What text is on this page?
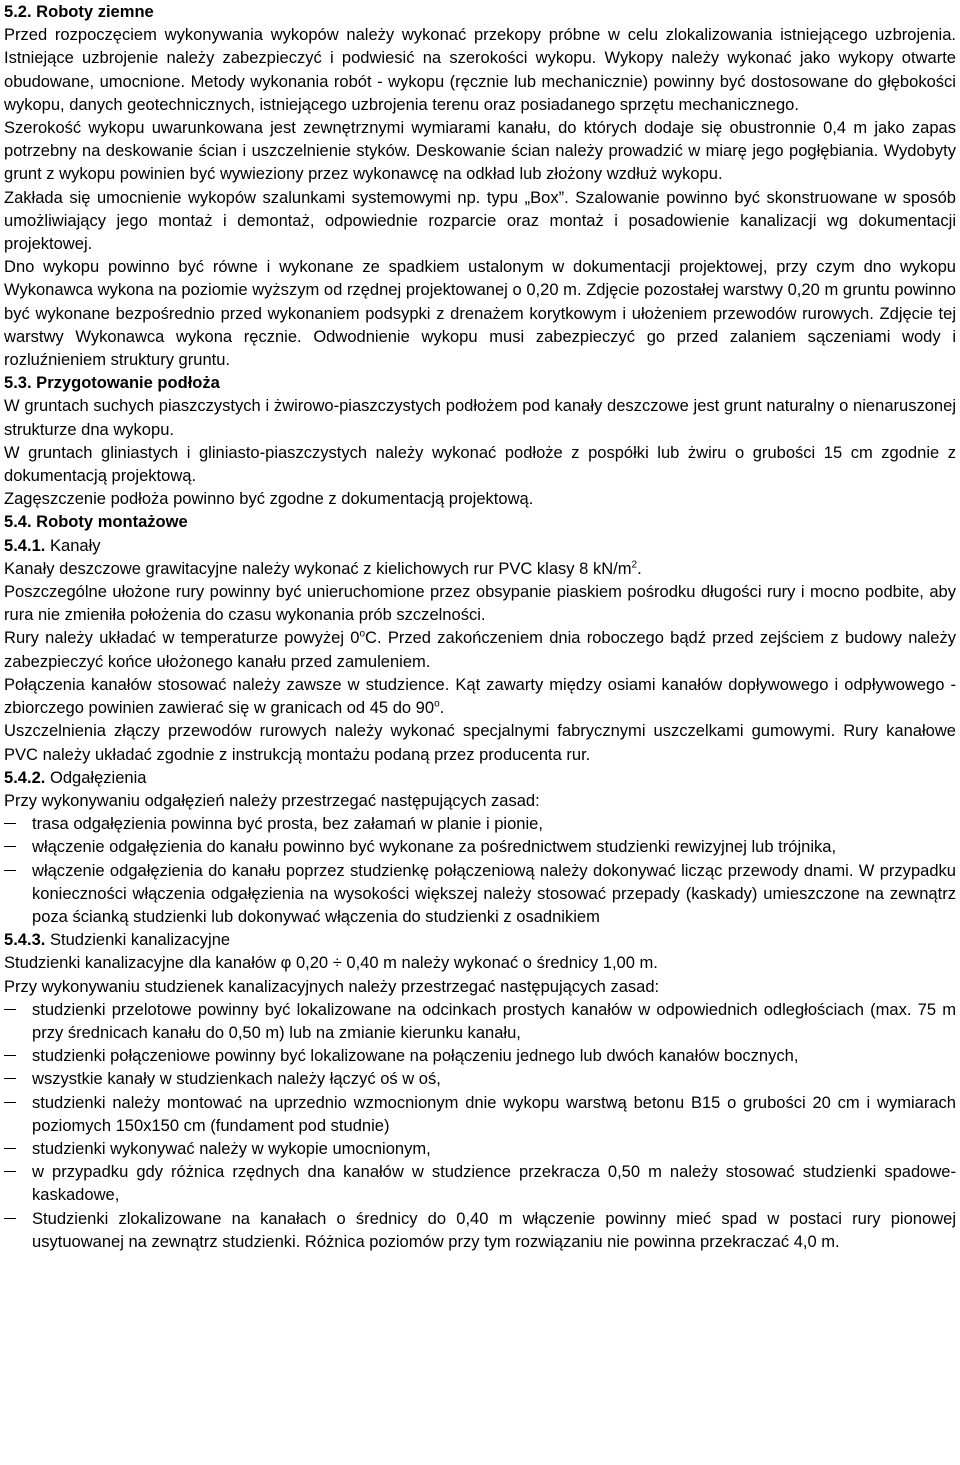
5.2. Roboty ziemne

Przed rozpoczęciem wykonywania wykopów należy wykonać przekopy próbne w celu zlokalizowania istniejącego uzbrojenia. Istniejące uzbrojenie należy zabezpieczyć i podwiesić na szerokości wykopu. Wykopy należy wykonać jako wykopy otwarte obudowane, umocnione. Metody wykonania robót - wykopu (ręcznie lub mechanicznie) powinny być dostosowane do głębokości wykopu, danych geotechnicznych, istniejącego uzbrojenia terenu oraz posiadanego sprzętu mechanicznego.

Szerokość wykopu uwarunkowana jest zewnętrznymi wymiarami kanału, do których dodaje się obustronnie 0,4 m jako zapas potrzebny na deskowanie ścian i uszczelnienie styków. Deskowanie ścian należy prowadzić w miarę jego pogłębiania. Wydobyty grunt z wykopu powinien być wywieziony przez wykonawcę na odkład lub złożony wzdłuż wykopu.

Zakłada się umocnienie wykopów szalunkami systemowymi np. typu „Box”. Szalowanie powinno być skonstruowane w sposób umożliwiający jego montaż i demontaż, odpowiednie rozparcie oraz montaż i posadowienie kanalizacji wg dokumentacji projektowej.

Dno wykopu powinno być równe i wykonane ze spadkiem ustalonym w dokumentacji projektowej, przy czym dno wykopu Wykonawca wykona na poziomie wyższym od rzędnej projektowanej o 0,20 m. Zdjęcie pozostałej warstwy 0,20 m gruntu powinno być wykonane bezpośrednio przed wykonaniem podsypki z drenażem korytkowym i ułożeniem przewodów rurowych. Zdjęcie tej warstwy Wykonawca wykona ręcznie. Odwodnienie wykopu musi zabezpieczyć go przed zalaniem sączeniami wody i rozluźnieniem struktury gruntu.

5.3. Przygotowanie podłoża

W gruntach suchych piaszczystych i żwirowo-piaszczystych podłożem pod kanały deszczowe jest grunt naturalny o nienaruszonej strukturze dna wykopu.

W gruntach gliniastych i gliniasto-piaszczystych należy wykonać podłoże z pospółki lub żwiru o grubości 15 cm zgodnie z dokumentacją projektową.

Zagęszczenie podłoża powinno być zgodne z dokumentacją projektową.

5.4. Roboty montażowe
5.4.1. Kanały

Kanały deszczowe grawitacyjne należy wykonać z kielichowych rur PVC klasy 8 $kN/m^2$.

Poszczególne ułożone rury powinny być unieruchomione przez obsypanie piaskiem pośrodku długości rury i mocno podbite, aby rura nie zmieniła położenia do czasu wykonania prób szczelności.

Rury należy układać w temperaturze powyżej 0$^o$C. Przed zakończeniem dnia roboczego bądź przed zejściem z budowy należy zabezpieczyć końce ułożonego kanału przed zamuleniem.

Połączenia kanałów stosować należy zawsze w studzience. Kąt zawarty między osiami kanałów dopływowego i odpływowego - zbiorczego powinien zawierać się w granicach od 45 do 90$^o$.

Uszczelnienia złączy przewodów rurowych należy wykonać specjalnymi fabrycznymi uszczelkami gumowymi. Rury kanałowe PVC należy układać zgodnie z instrukcją montażu podaną przez producenta rur.

5.4.2. Odgałęzienia

Przy wykonywaniu odgałęzień należy przestrzegać następujących zasad:

trasa odgałęzienia powinna być prosta, bez załamań w planie i pionie,
włączenie odgałęzienia do kanału powinno być wykonane za pośrednictwem studzienki rewizyjnej lub trójnika,
włączenie odgałęzienia do kanału poprzez studzienkę połączeniową należy dokonywać licząc przewody dnami. W przypadku konieczności włączenia odgałęzienia na wysokości większej należy stosować przepady (kaskady) umieszczone na zewnątrz poza ścianką studzienki lub dokonywać włączenia do studzienki z osadnikiem
5.4.3. Studzienki kanalizacyjne

Studzienki kanalizacyjne dla kanałów φ 0,20 ÷ 0,40 m należy wykonać o średnicy 1,00 m.

Przy wykonywaniu studzienek kanalizacyjnych należy przestrzegać następujących zasad:

studzienki przelotowe powinny być lokalizowane na odcinkach prostych kanałów w odpowiednich odległościach (max. 75 m przy średnicach kanału do 0,50 m) lub na zmianie kierunku kanału,
studzienki połączeniowe powinny być lokalizowane na połączeniu jednego lub dwóch kanałów bocznych,
wszystkie kanały w studzienkach należy łączyć oś w oś,
studzienki należy montować na uprzednio wzmocnionym dnie wykopu warstwą betonu B15 o grubości 20 cm i wymiarach poziomych 150x150 cm (fundament pod studnie)
studzienki wykonywać należy w wykopie umocnionym,
w przypadku gdy różnica rzędnych dna kanałów w studzience przekracza 0,50 m należy stosować studzienki spadowe-kaskadowe,
Studzienki zlokalizowane na kanałach o średnicy do 0,40 m włączenie powinny mieć spad w postaci rury pionowej usytuowanej na zewnątrz studzienki. Różnica poziomów przy tym rozwiązaniu nie powinna przekraczać 4,0 m.
